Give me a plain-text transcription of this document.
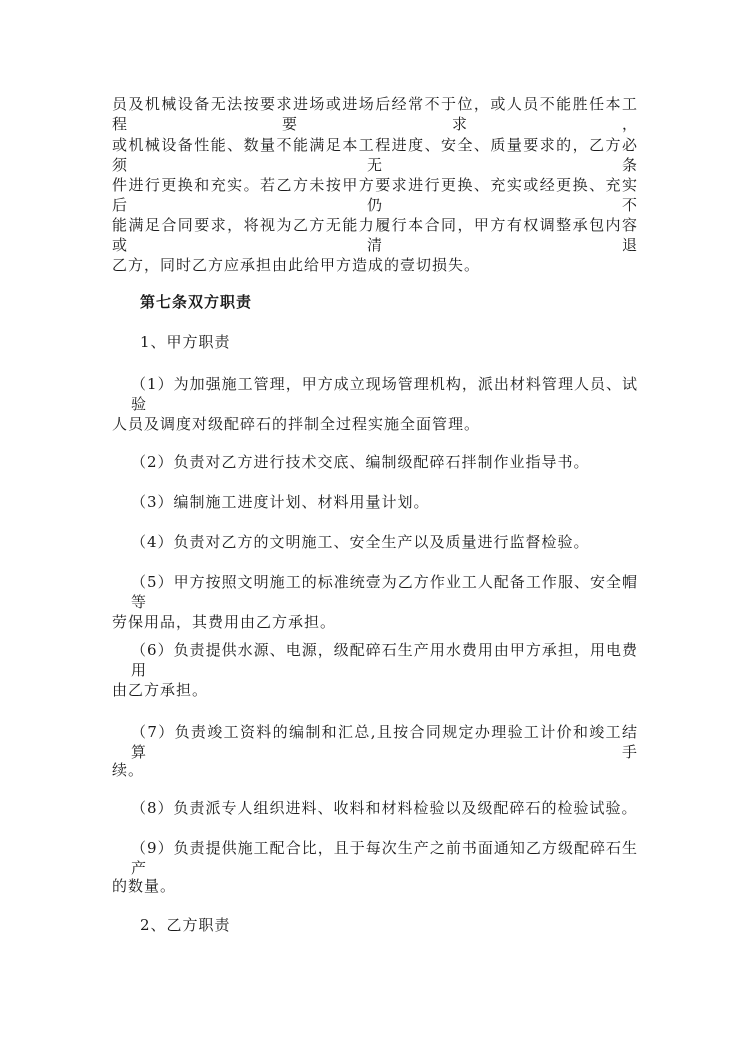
员及机械设备无法按要求进场或进场后经常不于位，或人员不能胜任本工程要求，
或机械设备性能、数量不能满足本工程进度、安全、质量要求的，乙方必须无条
件进行更换和充实。若乙方未按甲方要求进行更换、充实或经更换、充实后仍不
能满足合同要求，将视为乙方无能力履行本合同，甲方有权调整承包内容或清退
乙方，同时乙方应承担由此给甲方造成的壹切损失。
第七条双方职责
1、甲方职责
（1）为加强施工管理，甲方成立现场管理机构，派出材料管理人员、试验
人员及调度对级配碎石的拌制全过程实施全面管理。
（2）负责对乙方进行技术交底、编制级配碎石拌制作业指导书。
（3）编制施工进度计划、材料用量计划。
（4）负责对乙方的文明施工、安全生产以及质量进行监督检验。
（5）甲方按照文明施工的标准统壹为乙方作业工人配备工作服、安全帽等
劳保用品，其费用由乙方承担。
（6）负责提供水源、电源，级配碎石生产用水费用由甲方承担，用电费用
由乙方承担。
（7）负责竣工资料的编制和汇总,且按合同规定办理验工计价和竣工结算手
续。
（8）负责派专人组织进料、收料和材料检验以及级配碎石的检验试验。
（9）负责提供施工配合比，且于每次生产之前书面通知乙方级配碎石生产
的数量。
2、乙方职责
